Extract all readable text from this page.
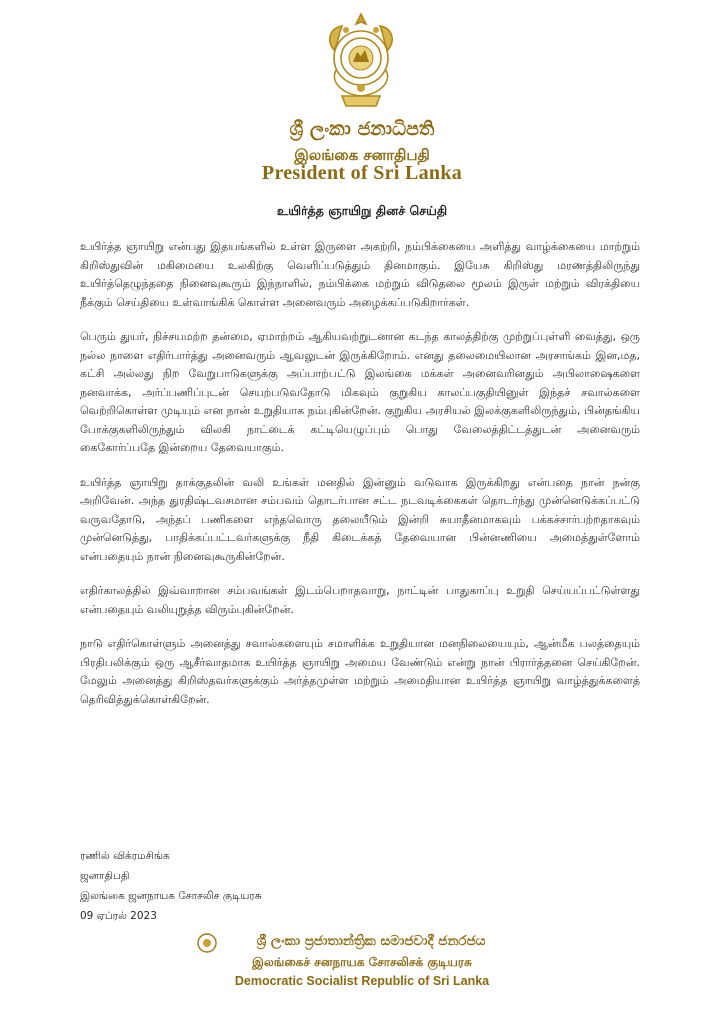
ශ්‍රී ලංකා ජනාධිපති
இலங்கை சனாதிபதி
President of Sri Lanka
உயிர்த்த ஞாயிறு தினச் செய்தி

உயிர்த்த ஞாயிறு என்பது இதயங்களில் உள்ள இருளை அகற்றி, நம்பிக்கையை அளித்து வாழ்க்கையை மாற்றும் கிறிஸ்துவின் மகிமையை உலகிற்கு வெளிப்படுத்தும் தினமாகும். இயேசு கிறிஸ்து மரணத்திலிருந்து உயிர்த்தெழுந்ததை நினைவுகூரும் இந்நாளில், நம்பிக்கை மற்றும் விடுதலை மூலம் இருள் மற்றும் விரக்தியை நீக்கும் செய்தியை உள்வாங்கிக் கொள்ள அனைவரும் அழைக்கப்படுகிறார்கள்.

பெரும் துயர், நிச்சயமற்ற தன்மை, ஏமாற்றம் ஆகியவற்றுடனான கடந்த காலத்திற்கு முற்றுப்புள்ளி வைத்து, ஒரு நல்ல நாளை எதிர்பார்த்து அனைவரும் ஆவலுடன் இருக்கிறோம். எனது தலைமையிலான அரசாங்கம் இன,மத, கட்சி அல்லது நிற வேறுபாடுகளுக்கு அப்பாற்பட்டு இலங்கை மக்கள் அனைவரினதும் அபிலாஷைகளை நனவாக்க, அர்ப்பணிப்புடன் செயற்படுவதோடு மிகவும் குறுகிய காலப்பகுதியினுள் இந்தச் சவால்களை வெற்றிகொள்ள முடியும் என நான் உறுதியாக நம்புகின்றேன். குறுகிய அரசியல் இலக்குகளிலிருந்தும், பின்தங்கிய போக்குகளிலிருந்தும் விலகி நாட்டைக் கட்டியெழுப்பும் பொது வேலைத்திட்டத்துடன் அனைவரும் கைகோர்ப்பதே இன்றைய தேவையாகும்.

உயிர்த்த ஞாயிறு தாக்குதலின் வலி உங்கள் மனதில் இன்னும் வடுவாக இருக்கிறது என்பதை நான் நன்கு அறிவேன். அந்த துரதிஷ்டவசமான சம்பவம் தொடர்பான சட்ட நடவடிக்கைகள் தொடர்ந்து முன்னெடுக்கப்பட்டு வருவதோடு, அந்தப் பணிகளை எந்தவொரு தலையீடும் இன்றி சுயாதீனமாகவும் பக்கச்சார்பற்றதாகவும் முன்னெடுத்து, பாதிக்கப்பட்டவர்களுக்கு நீதி கிடைக்கத் தேவையான பின்னணியை அமைத்துள்ளோம் என்பதையும் நான் நினைவுகூருகின்றேன்.

எதிர்காலத்தில் இவ்வாறான சம்பவங்கள் இடம்பெறாதவாறு, நாட்டின் பாதுகாப்பு உறுதி செய்யப்பட்டுள்ளது என்பதையும் வலியுறுத்த விரும்புகின்றேன்.

நாடு எதிர்கொள்ளும் அனைத்து சவால்களையும் சமாளிக்க உறுதியான மனநிலையையும், ஆன்மீக பலத்தையும் பிரதிபலிக்கும் ஒரு ஆசீர்வாதமாக உயிர்த்த ஞாயிறு அமைய வேண்டும் என்று நான் பிரார்த்தனை செய்கிறேன். மேலும் அனைத்து கிறிஸ்தவர்களுக்கும் அர்த்தமுள்ள மற்றும் அமைதியான உயிர்த்த ஞாயிறு வாழ்த்துக்களைத் தெரிவித்துக்கொள்கிறேன்.

ரணில் விக்ரமசிங்க
ஜனாதிபதி
இலங்கை ஜனநாயக சோசலிச குடியரசு
09 ஏப்ரல் 2023
ශ්‍රී ලංකා ප්‍රජාතාන්ත්‍රික සමාජවාදී ජනරජය
இலங்கைச் சனநாயக சோசலிசக் குடியரசு
Democratic Socialist Republic of Sri Lanka
